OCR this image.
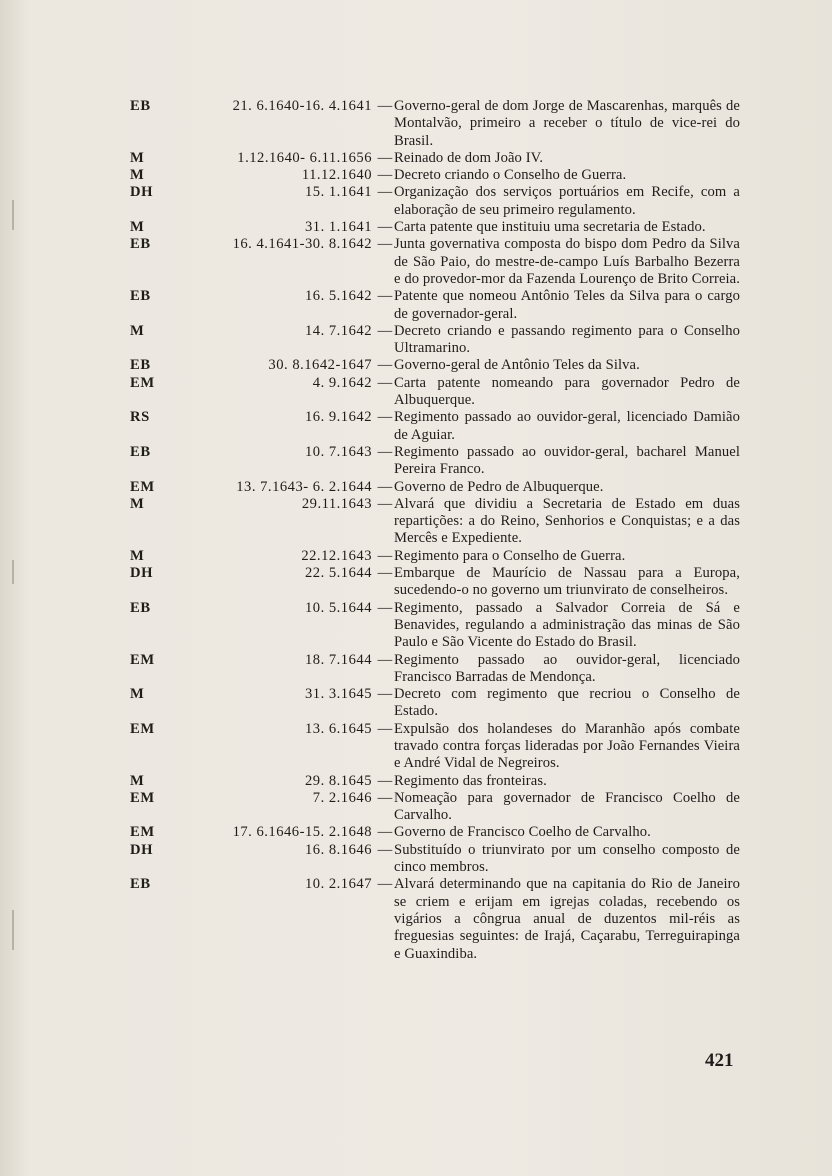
EB	21. 6.1640-16. 4.1641 — Governo-geral de dom Jorge de Mascarenhas, marquês de Montalvão, primeiro a receber o título de vice-rei do Brasil.
M	1.12.1640- 6.11.1656 — Reinado de dom João IV.
M	11.12.1640 — Decreto criando o Conselho de Guerra.
DH	15. 1.1641 — Organização dos serviços portuários em Recife, com a elaboração de seu primeiro regulamento.
M	31. 1.1641 — Carta patente que instituiu uma secretaria de Estado.
EB	16. 4.1641-30. 8.1642 — Junta governativa composta do bispo dom Pedro da Silva de São Paio, do mestre-de-campo Luís Barbalho Bezerra e do provedor-mor da Fazenda Lourenço de Brito Correia.
EB	16. 5.1642 — Patente que nomeou Antônio Teles da Silva para o cargo de governador-geral.
M	14. 7.1642 — Decreto criando e passando regimento para o Conselho Ultramarino.
EB	30. 8.1642-1647 — Governo-geral de Antônio Teles da Silva.
EM	4. 9.1642 — Carta patente nomeando para governador Pedro de Albuquerque.
RS	16. 9.1642 — Regimento passado ao ouvidor-geral, licenciado Damião de Aguiar.
EB	10. 7.1643 — Regimento passado ao ouvidor-geral, bacharel Manuel Pereira Franco.
EM	13. 7.1643- 6. 2.1644 — Governo de Pedro de Albuquerque.
M	29.11.1643 — Alvará que dividiu a Secretaria de Estado em duas repartições: a do Reino, Senhorios e Conquistas; e a das Mercês e Expediente.
M	22.12.1643 — Regimento para o Conselho de Guerra.
DH	22. 5.1644 — Embarque de Maurício de Nassau para a Europa, sucedendo-o no governo um triunvirato de conselheiros.
EB	10. 5.1644 — Regimento, passado a Salvador Correia de Sá e Benavides, regulando a administração das minas de São Paulo e São Vicente do Estado do Brasil.
EM	18. 7.1644 — Regimento passado ao ouvidor-geral, licenciado Francisco Barradas de Mendonça.
M	31. 3.1645 — Decreto com regimento que recriou o Conselho de Estado.
EM	13. 6.1645 — Expulsão dos holandeses do Maranhão após combate travado contra forças lideradas por João Fernandes Vieira e André Vidal de Negreiros.
M	29. 8.1645 — Regimento das fronteiras.
EM	7. 2.1646 — Nomeação para governador de Francisco Coelho de Carvalho.
EM	17. 6.1646-15. 2.1648 — Governo de Francisco Coelho de Carvalho.
DH	16. 8.1646 — Substituído o triunvirato por um conselho composto de cinco membros.
EB	10. 2.1647 — Alvará determinando que na capitania do Rio de Janeiro se criem e erijam em igrejas coladas, recebendo os vigários a côngrua anual de duzentos mil-réis as freguesias seguintes: de Irajá, Caçarabu, Terreguirapinga e Guaxindiba.
421
